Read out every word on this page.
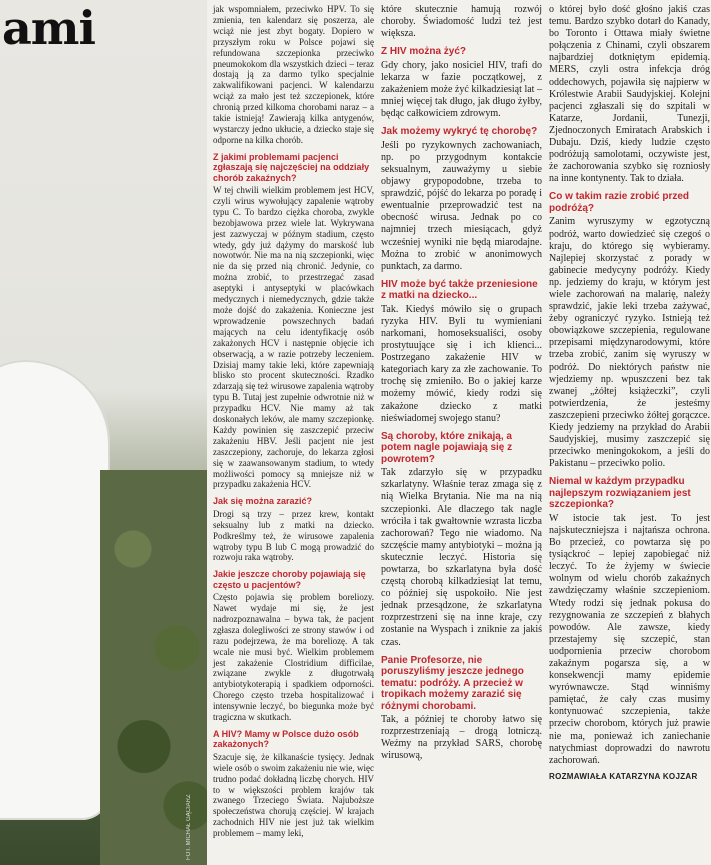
FOT. MICHAŁ GĄCIARZ
ami	jak wspomniałem, przeciwko HPV. To się zmienia, ten kalendarz się poszerza, ale wciąż nie jest zbyt bogaty. Dopiero w przyszłym roku w Polsce pojawi się refundowana szczepionka przeciwko pneumokokom dla wszystkich dzieci – teraz dostają ją za darmo tylko specjalnie zakwalifikowani pacjenci. W kalendarzu wciąż za mało jest też szczepionek, które chronią przed kilkoma chorobami naraz – a takie istnieją! Zawierają kilka antygenów, wystarczy jedno ukłucie, a dziecko staje się odporne na kilka chorób.

Z jakimi problemami pacjenci zgłaszają się najczęściej na oddziały chorób zakaźnych?

W tej chwili wielkim problemem jest HCV, czyli wirus wywołujący zapalenie wątroby typu C. To bardzo ciężka choroba, zwykle bezobjawowa przez wiele lat. Wykrywana jest zazwyczaj w późnym stadium, często wtedy, gdy już dążymy do marskość lub nowotwór. Nie ma na nią szczepionki, więc nie da się przed nią chronić. Jedynie, co można zrobić, to przestrzegać zasad aseptyki i antyseptyki w placówkach medycznych i niemedycznych, gdzie także może dojść do zakażenia. Konieczne jest wprowadzenie powszechnych badań mających na celu identyfikację osób zakażonych HCV i następnie objęcie ich obserwacją, a w razie potrzeby leczeniem. Dzisiaj mamy takie leki, które zapewniają blisko sto procent skuteczności. Rzadko zdarzają się też wirusowe zapalenia wątroby typu B. Tutaj jest zupełnie odwrotnie niż w przypadku HCV. Nie mamy aż tak doskonałych leków, ale mamy szczepionkę. Każdy powinien się zaszczepić przeciw zakażeniu HBV. Jeśli pacjent nie jest zaszczepiony, zachoruje, do lekarza zgłosi się w zaawansowanym stadium, to wtedy możliwości pomocy są mniejsze niż w przypadku zakażenia HCV.

Jak się można zarazić?

Drogi są trzy – przez krew, kontakt seksualny lub z matki na dziecko. Podkreślmy też, że wirusowe zapalenia wątroby typu B lub C mogą prowadzić do rozwoju raka wątroby.

Jakie jeszcze choroby pojawiają się często u pacjentów?

Często pojawia się problem boreliozy. Nawet wydaje mi się, że jest nadrozpoznawalna – bywa tak, że pacjent zgłasza dolegliwości ze strony stawów i od razu podejrzewa, że ma boreliozę. A tak wcale nie musi być. Wielkim problemem jest zakażenie Clostridium difficilae, związane zwykle z długotrwałą antybiotykoterapią i spadkiem odporności. Chorego często trzeba hospitalizować i intensywnie leczyć, bo biegunka może być tragiczna w skutkach.

A HIV? Mamy w Polsce dużo osób zakażonych?

Szacuje się, że kilkanaście tysięcy. Jednak wiele osób o swoim zakażeniu nie wie, więc trudno podać dokładną liczbę chorych. HIV to w większości problem krajów tak zwanego Trzeciego Świata. Najuboższe społeczeństwa chorują częściej. W krajach zachodnich HIV nie jest już tak wielkim problemem – mamy leki,

które skutecznie hamują rozwój choroby. Świadomość ludzi też jest większa.

Z HIV można żyć?

Gdy chory, jako nosiciel HIV, trafi do lekarza w fazie początkowej, z zakażeniem może żyć kilkadziesiąt lat – mniej więcej tak długo, jak długo żyłby, będąc całkowiciem zdrowym.

Jak możemy wykryć tę chorobę?

Jeśli po ryzykownych zachowaniach, np. po przygodnym kontakcie seksualnym, zauważymy u siebie objawy grypopodobne, trzeba to sprawdzić, pójść do lekarza po poradę i ewentualnie przeprowadzić test na obecność wirusa. Jednak po co najmniej trzech miesiącach, gdyż wcześniej wyniki nie będą miarodajne. Można to zrobić w anonimowych punktach, za darmo.

HIV może być także przeniesione z matki na dziecko...

Tak. Kiedyś mówiło się o grupach ryzyka HIV. Byli tu wymieniani narkomani, homoseksualiści, osoby prostytuujące się i ich klienci... Postrzegano zakażenie HIV w kategoriach kary za złe zachowanie. To trochę się zmieniło. Bo o jakiej karze możemy mówić, kiedy rodzi się zakażone dziecko z matki nieświadomej swojego stanu?

Są choroby, które znikają, a potem nagle pojawiają się z powrotem?

Tak zdarzyło się w przypadku szkarlatyny. Właśnie teraz zmaga się z nią Wielka Brytania. Nie ma na nią szczepionki. Ale dlaczego tak nagle wróciła i tak gwałtownie wzrasta liczba zachorowań? Tego nie wiadomo. Na szczęście mamy antybiotyki – można ją skutecznie leczyć. Historia się powtarza, bo szkarlatyna była dość częstą chorobą kilkadziesiąt lat temu, co później się uspokoiło. Nie jest jednak przesądzone, że szkarlatyna rozprzestrzeni się na inne kraje, czy zostanie na Wyspach i zniknie za jakiś czas.

Panie Profesorze, nie poruszyliśmy jeszcze jednego tematu: podróży. A przecież w tropikach możemy zarazić się różnymi chorobami.

Tak, a później te choroby łatwo się rozprzestrzeniają – drogą lotniczą. Weźmy na przykład SARS, chorobę wirusową,

o której było dość głośno jakiś czas temu. Bardzo szybko dotarł do Kanady, bo Toronto i Ottawa miały świetne połączenia z Chinami, czyli obszarem najbardziej dotkniętym epidemią. MERS, czyli ostra infekcja dróg oddechowych, pojawiła się najpierw w Królestwie Arabii Saudyjskiej. Kolejni pacjenci zgłaszali się do szpitali w Katarze, Jordanii, Tunezji, Zjednoczonych Emiratach Arabskich i Dubaju. Dziś, kiedy ludzie często podróżują samolotami, oczywiste jest, że zachorowania szybko się rozniosły na inne kontynenty. Tak to działa.

Co w takim razie zrobić przed podróżą?

Zanim wyruszymy w egzotyczną podróż, warto dowiedzieć się czegoś o kraju, do którego się wybieramy. Najlepiej skorzystać z porady w gabinecie medycyny podróży. Kiedy np. jedziemy do kraju, w którym jest wiele zachorowań na malarię, należy sprawdzić, jakie leki trzeba zażywać, żeby ograniczyć ryzyko. Istnieją też obowiązkowe szczepienia, regulowane przepisami międzynarodowymi, które trzeba zrobić, zanim się wyruszy w podróż. Do niektórych państw nie wjedziemy np. wpuszczeni bez tak zwanej „żółtej książeczki”, czyli potwierdzenia, że jesteśmy zaszczepieni przeciwko żółtej gorączce. Kiedy jedziemy na przykład do Arabii Saudyjskiej, musimy zaszczepić się przeciwko meningokokom, a jeśli do Pakistanu – przeciwko polio.

Niemal w każdym przypadku najlepszym rozwiązaniem jest szczepionka?

W istocie tak jest. To jest najskuteczniejsza i najtańsza ochrona. Bo przecież, co powtarza się po tysiąckroć – lepiej zapobiegać niż leczyć. To że żyjemy w świecie wolnym od wielu chorób zakaźnych zawdzięczamy właśnie szczepieniom. Wtedy rodzi się jednak pokusa do rezygnowania ze szczepień z błahych powodów. Ale zawsze, kiedy przestajemy się szczepić, stan uodpornienia przeciw chorobom zakaźnym pogarsza się, a w konsekwencji mamy epidemie wyrównawcze. Stąd winniśmy pamiętać, że cały czas musimy kontynuować szczepienia, także przeciw chorobom, których już prawie nie ma, ponieważ ich zaniechanie natychmiast doprowadzi do nawrotu zachorowań.

ROZMAWIAŁA KATARZYNA KOJZAR
